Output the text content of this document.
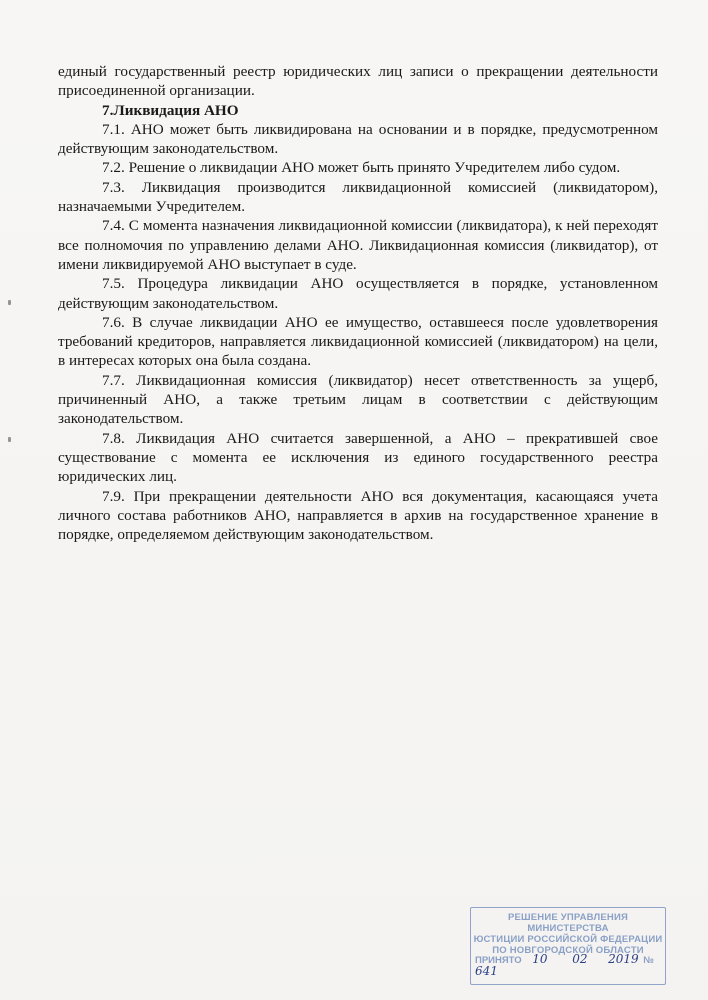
единый государственный реестр юридических лиц записи о прекращении деятельности присоединенной организации.

7.Ликвидация АНО

7.1. АНО может быть ликвидирована на основании и в порядке, предусмотренном действующим законодательством.

7.2. Решение о ликвидации АНО может быть принято Учредителем либо судом.

7.3. Ликвидация производится ликвидационной комиссией (ликвидатором), назначаемыми Учредителем.

7.4. С момента назначения ликвидационной комиссии (ликвидатора), к ней переходят все полномочия по управлению делами АНО. Ликвидационная комиссия (ликвидатор), от имени ликвидируемой АНО выступает в суде.

7.5. Процедура ликвидации АНО осуществляется в порядке, установленном действующим законодательством.

7.6. В случае ликвидации АНО ее имущество, оставшееся после удовлетворения требований кредиторов, направляется ликвидационной комиссией (ликвидатором) на цели, в интересах которых она была создана.

7.7. Ликвидационная комиссия (ликвидатор) несет ответственность за ущерб, причиненный АНО, а также третьим лицам в соответствии с действующим законодательством.

7.8. Ликвидация АНО считается завершенной, а АНО – прекратившей свое существование с момента ее исключения из единого государственного реестра юридических лиц.

7.9. При прекращении деятельности АНО вся документация, касающаяся учета личного состава работников АНО, направляется в архив на государственное хранение в порядке, определяемом действующим законодательством.

РЕШЕНИЕ УПРАВЛЕНИЯ МИНИСТЕРСТВА
ЮСТИЦИИ РОССИЙСКОЙ ФЕДЕРАЦИИ
ПО НОВГОРОДСКОЙ ОБЛАСТИ
ПРИНЯТО 10 02 2019 № 641
